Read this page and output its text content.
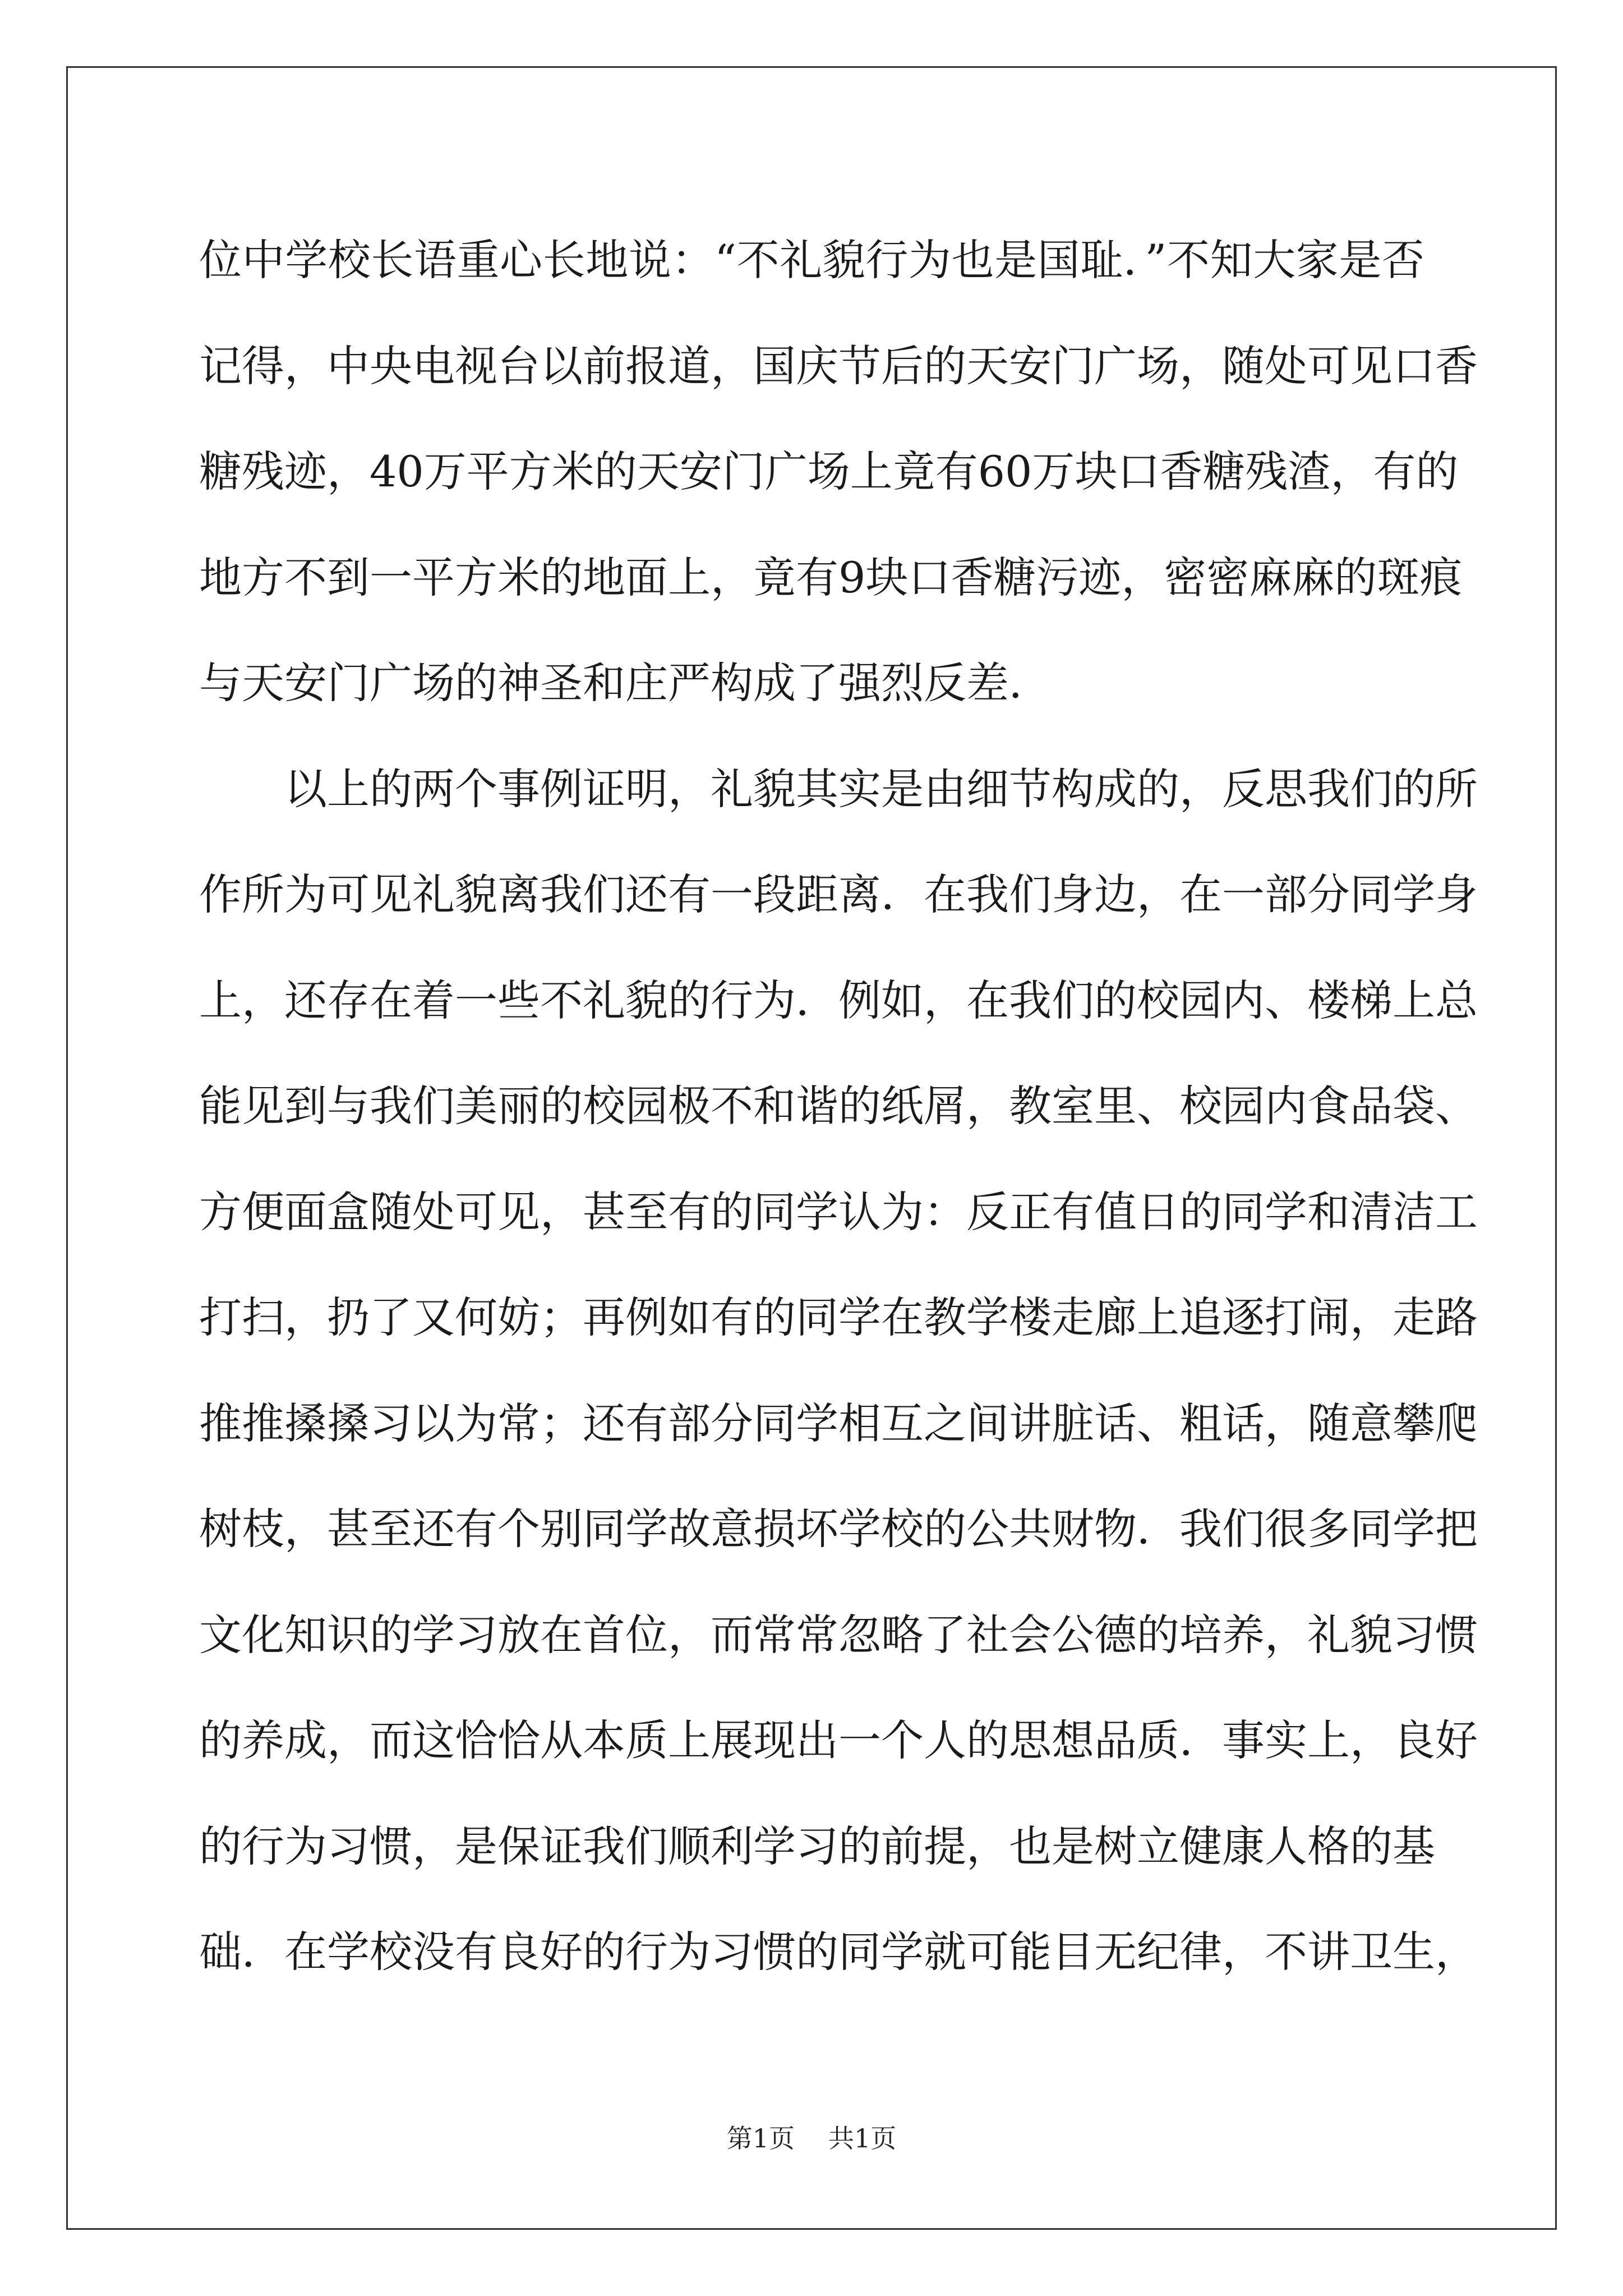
位中学校长语重心长地说：“不礼貌行为也是国耻．”不知大家是否
记得，中央电视台以前报道，国庆节后的天安门广场，随处可见口香
糖残迹，40万平方米的天安门广场上竟有60万块口香糖残渣，有的
地方不到一平方米的地面上，竟有9块口香糖污迹，密密麻麻的斑痕
与天安门广场的神圣和庄严构成了强烈反差．

以上的两个事例证明，礼貌其实是由细节构成的，反思我们的所
作所为可见礼貌离我们还有一段距离．在我们身边，在一部分同学身
上，还存在着一些不礼貌的行为．例如，在我们的校园内、楼梯上总
能见到与我们美丽的校园极不和谐的纸屑，教室里、校园内食品袋、
方便面盒随处可见，甚至有的同学认为：反正有值日的同学和清洁工
打扫，扔了又何妨；再例如有的同学在教学楼走廊上追逐打闹，走路
推推搡搡习以为常；还有部分同学相互之间讲脏话、粗话，随意攀爬
树枝，甚至还有个别同学故意损坏学校的公共财物．我们很多同学把
文化知识的学习放在首位，而常常忽略了社会公德的培养，礼貌习惯
的养成，而这恰恰从本质上展现出一个人的思想品质．事实上，良好
的行为习惯，是保证我们顺利学习的前提，也是树立健康人格的基
础．在学校没有良好的行为习惯的同学就可能目无纪律，不讲卫生，

第1页 共1页
